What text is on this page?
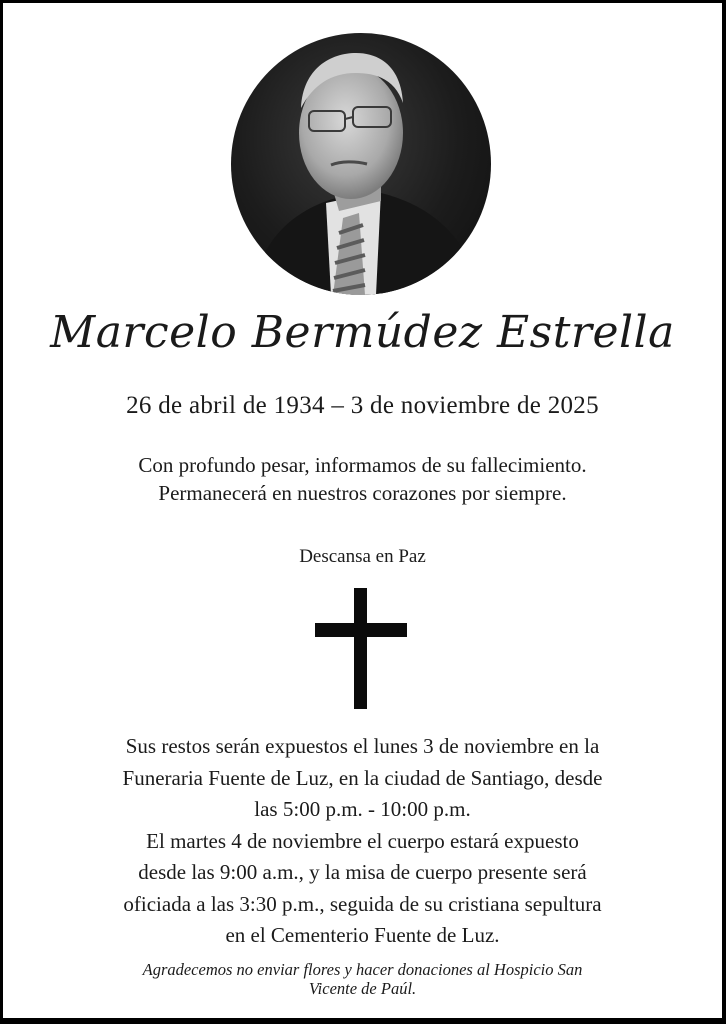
Marcelo Bermúdez Estrella
26 de abril de 1934 – 3 de noviembre de 2025
Con profundo pesar, informamos de su fallecimiento.
Permanecerá en nuestros corazones por siempre.
Descansa en Paz
Sus restos serán expuestos el lunes 3 de noviembre en la
Funeraria Fuente de Luz, en la ciudad de Santiago, desde
las 5:00 p.m. - 10:00 p.m.
El martes 4 de noviembre el cuerpo estará expuesto
desde las 9:00 a.m., y la misa de cuerpo presente será
oficiada a las 3:30 p.m., seguida de su cristiana sepultura
en el Cementerio Fuente de Luz.
Agradecemos no enviar flores y hacer donaciones al Hospicio San
Vicente de Paúl.
